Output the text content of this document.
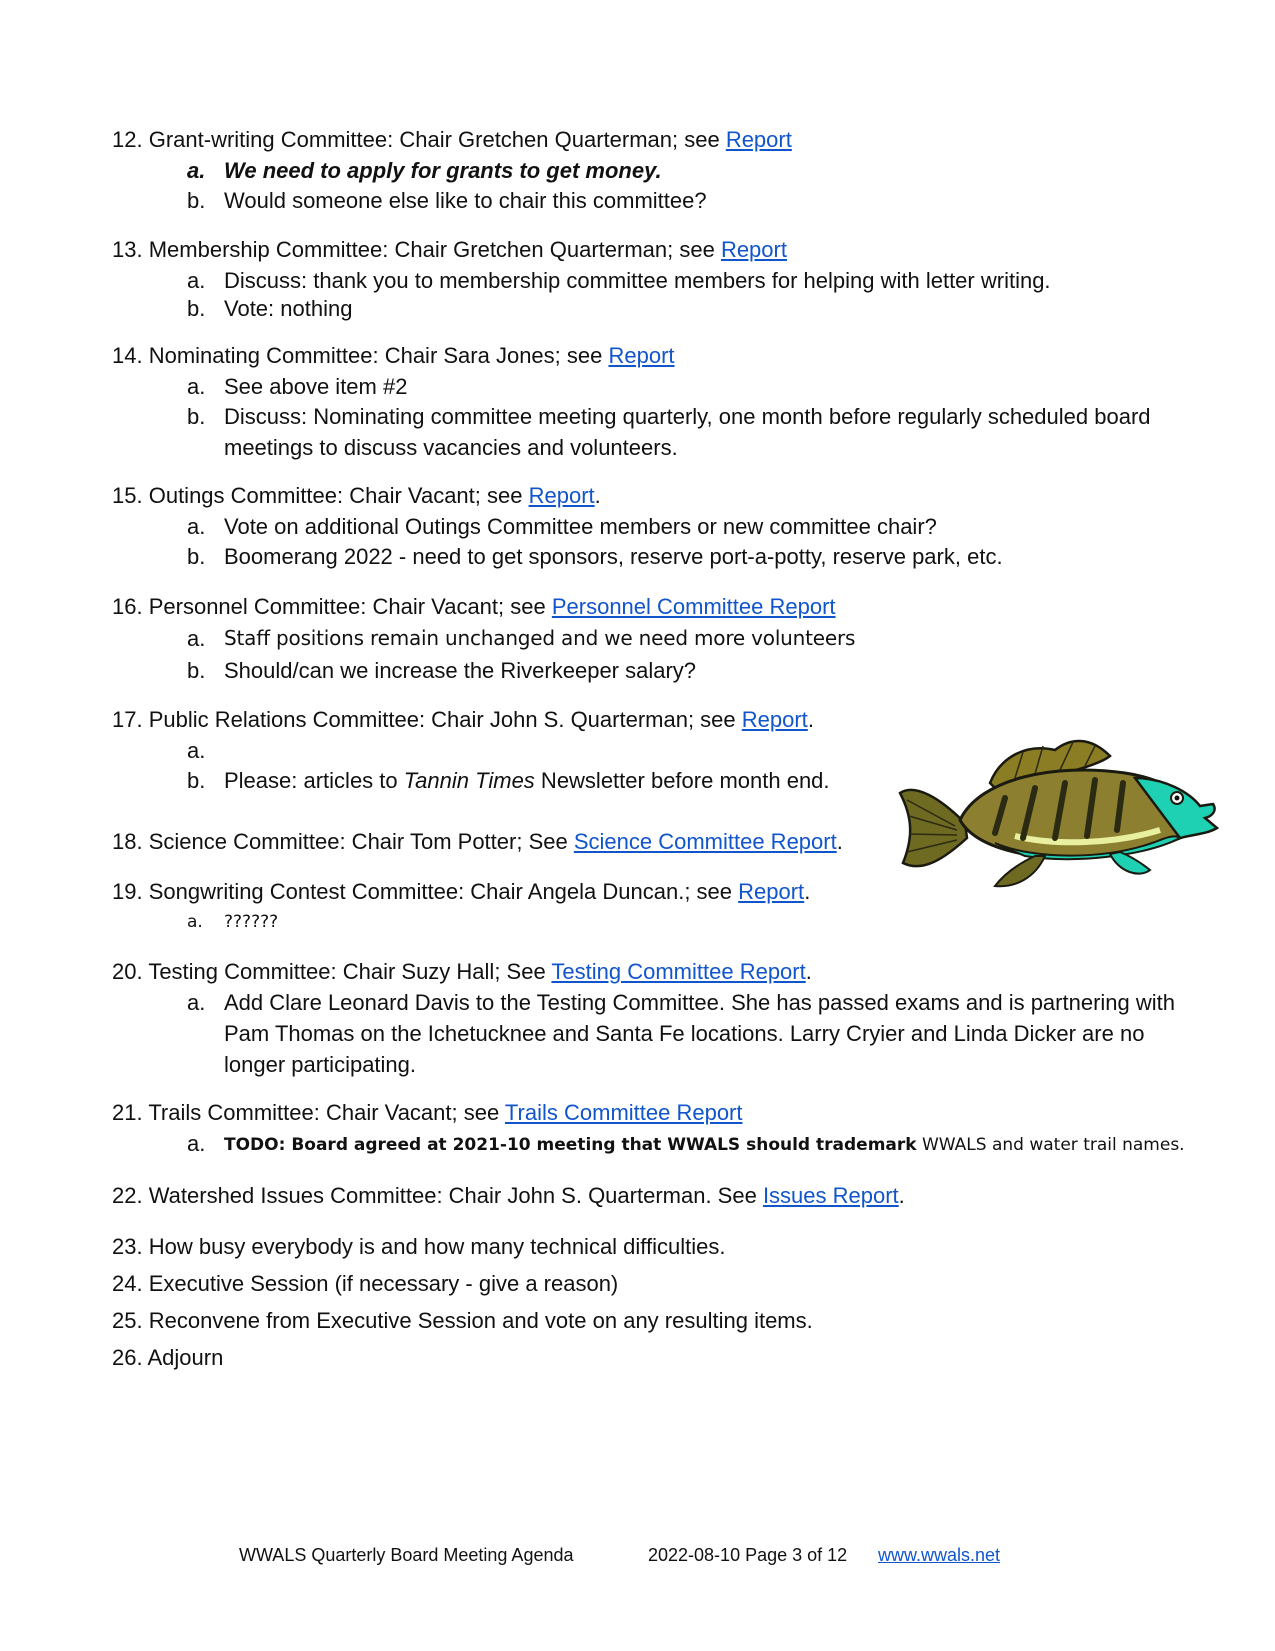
12. Grant-writing Committee: Chair Gretchen Quarterman; see Report
a. We need to apply for grants to get money.
b. Would someone else like to chair this committee?
13. Membership Committee: Chair Gretchen Quarterman; see Report
a. Discuss: thank you to membership committee members for helping with letter writing.
b. Vote: nothing
14. Nominating Committee: Chair Sara Jones; see Report
a. See above item #2
b. Discuss: Nominating committee meeting quarterly, one month before regularly scheduled board meetings to discuss vacancies and volunteers.
15. Outings Committee: Chair Vacant; see Report.
a. Vote on additional Outings Committee members or new committee chair?
b. Boomerang 2022 - need to get sponsors, reserve port-a-potty, reserve park, etc.
16. Personnel Committee: Chair Vacant; see Personnel Committee Report
a. Staff positions remain unchanged and we need more volunteers
b. Should/can we increase the Riverkeeper salary?
17. Public Relations Committee: Chair John S. Quarterman; see Report.
a.
b. Please: articles to Tannin Times Newsletter before month end.
18. Science Committee: Chair Tom Potter; See Science Committee Report.
19. Songwriting Contest Committee: Chair Angela Duncan.; see Report.
a.	??????
20. Testing Committee: Chair Suzy Hall; See Testing Committee Report.
a. Add Clare Leonard Davis to the Testing Committee. She has passed exams and is partnering with Pam Thomas on the Ichetucknee and Santa Fe locations. Larry Cryier and Linda Dicker are no longer participating.
21. Trails Committee: Chair Vacant; see Trails Committee Report
a.	TODO: Board agreed at 2021-10 meeting that WWALS should trademark WWALS and water trail names.
22. Watershed Issues Committee: Chair John S. Quarterman. See Issues Report.
23. How busy everybody is and how many technical difficulties.
24. Executive Session (if necessary - give a reason)
25. Reconvene from Executive Session and vote on any resulting items.
26. Adjourn
WWALS Quarterly Board Meeting Agenda	2022-08-10 Page 3 of 12 www.wwals.net
